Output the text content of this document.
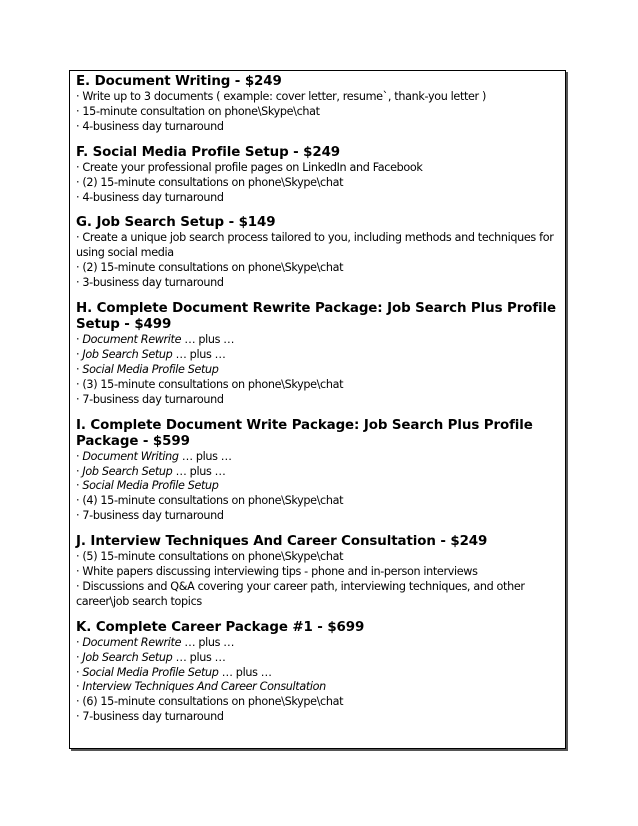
E. Document Writing - $249
· Write up to 3 documents ( example: cover letter, resume`, thank-you letter )
· 15-minute consultation on phone\Skype\chat
· 4-business day turnaround
F. Social Media Profile Setup - $249
· Create your professional profile pages on LinkedIn and Facebook
· (2) 15-minute consultations on phone\Skype\chat
· 4-business day turnaround
G. Job Search Setup - $149
· Create a unique job search process tailored to you, including methods and techniques for using social media
· (2) 15-minute consultations on phone\Skype\chat
· 3-business day turnaround
H. Complete Document Rewrite Package: Job Search Plus Profile Setup - $499
· Document Rewrite … plus …
· Job Search Setup … plus …
· Social Media Profile Setup
· (3) 15-minute consultations on phone\Skype\chat
· 7-business day turnaround
I. Complete Document Write Package: Job Search Plus Profile Package - $599
· Document Writing … plus …
· Job Search Setup … plus …
· Social Media Profile Setup
· (4) 15-minute consultations on phone\Skype\chat
· 7-business day turnaround
J. Interview Techniques And Career Consultation - $249
· (5) 15-minute consultations on phone\Skype\chat
· White papers discussing interviewing tips - phone and in-person interviews
· Discussions and Q&A covering your career path, interviewing techniques, and other career\job search topics
K. Complete Career Package #1 - $699
· Document Rewrite … plus …
· Job Search Setup … plus …
· Social Media Profile Setup … plus …
· Interview Techniques And Career Consultation
· (6) 15-minute consultations on phone\Skype\chat
· 7-business day turnaround
